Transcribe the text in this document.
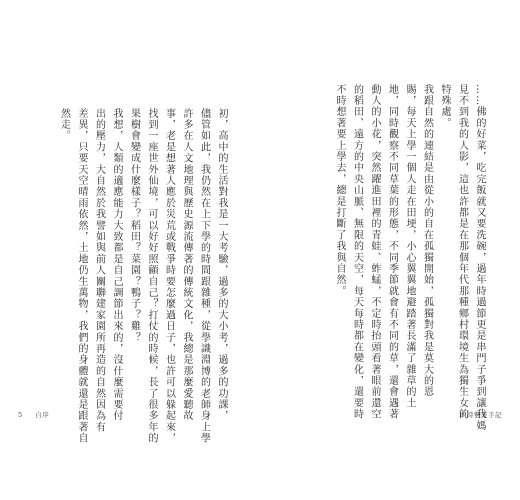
初，高中的生活對我是一大考驗，過多的大小考，過多的功課，
儘管如此，我仍然在上下學的時間跟雜種，從學識淵博的老師身上學
許多在人文地理與歷史源流傳著的傳統文化，我總是那麼愛聽故
事，老是想著人應於災荒或戰爭時要怎麼過日子，也許可以躲起來，
找到一座世外仙境，可以好好照顧自己？打仗的時候，長了很多年的
果樹會變成什麼樣子？稻田？菜園？鴨子？雞？
我想，人類的適應能力大致都是自己調節出來的，沒什麼需要付
出的壓力，大自然於我譬如與前人關聯建家園所再造的自然因為有
差異，只要天空晴雨依然，土地仍生萬物，我們的身體就還是跟著自
然走。
5 自序	……佛的好菜，吃完飯就又要洗碗，過年時過節更是串門子爭到讓我媽
見不到我的人影，這也許都是在那個年代那種鄉村環境生為獨生女的
特殊處。
我跟自然的連結是由從小的自在孤獨開始，孤獨對我是莫大的恩
賜，每天上學一個人走在田埂，小心翼翼地避踏著長滿了雜草的土
地，同時觀察不同草葉的形態，不同季節就會有不同的草，還會遇著
動人的小花，突然躍進田裡的青蛙、蚱蜢，不定時抬頭看著眼前還空
的稻田、遠方的中央山脈、無限的天空，每天每時都在變化，還要時
不時想著要上學去，總是打斷了我與自然。
四時藝業手記
